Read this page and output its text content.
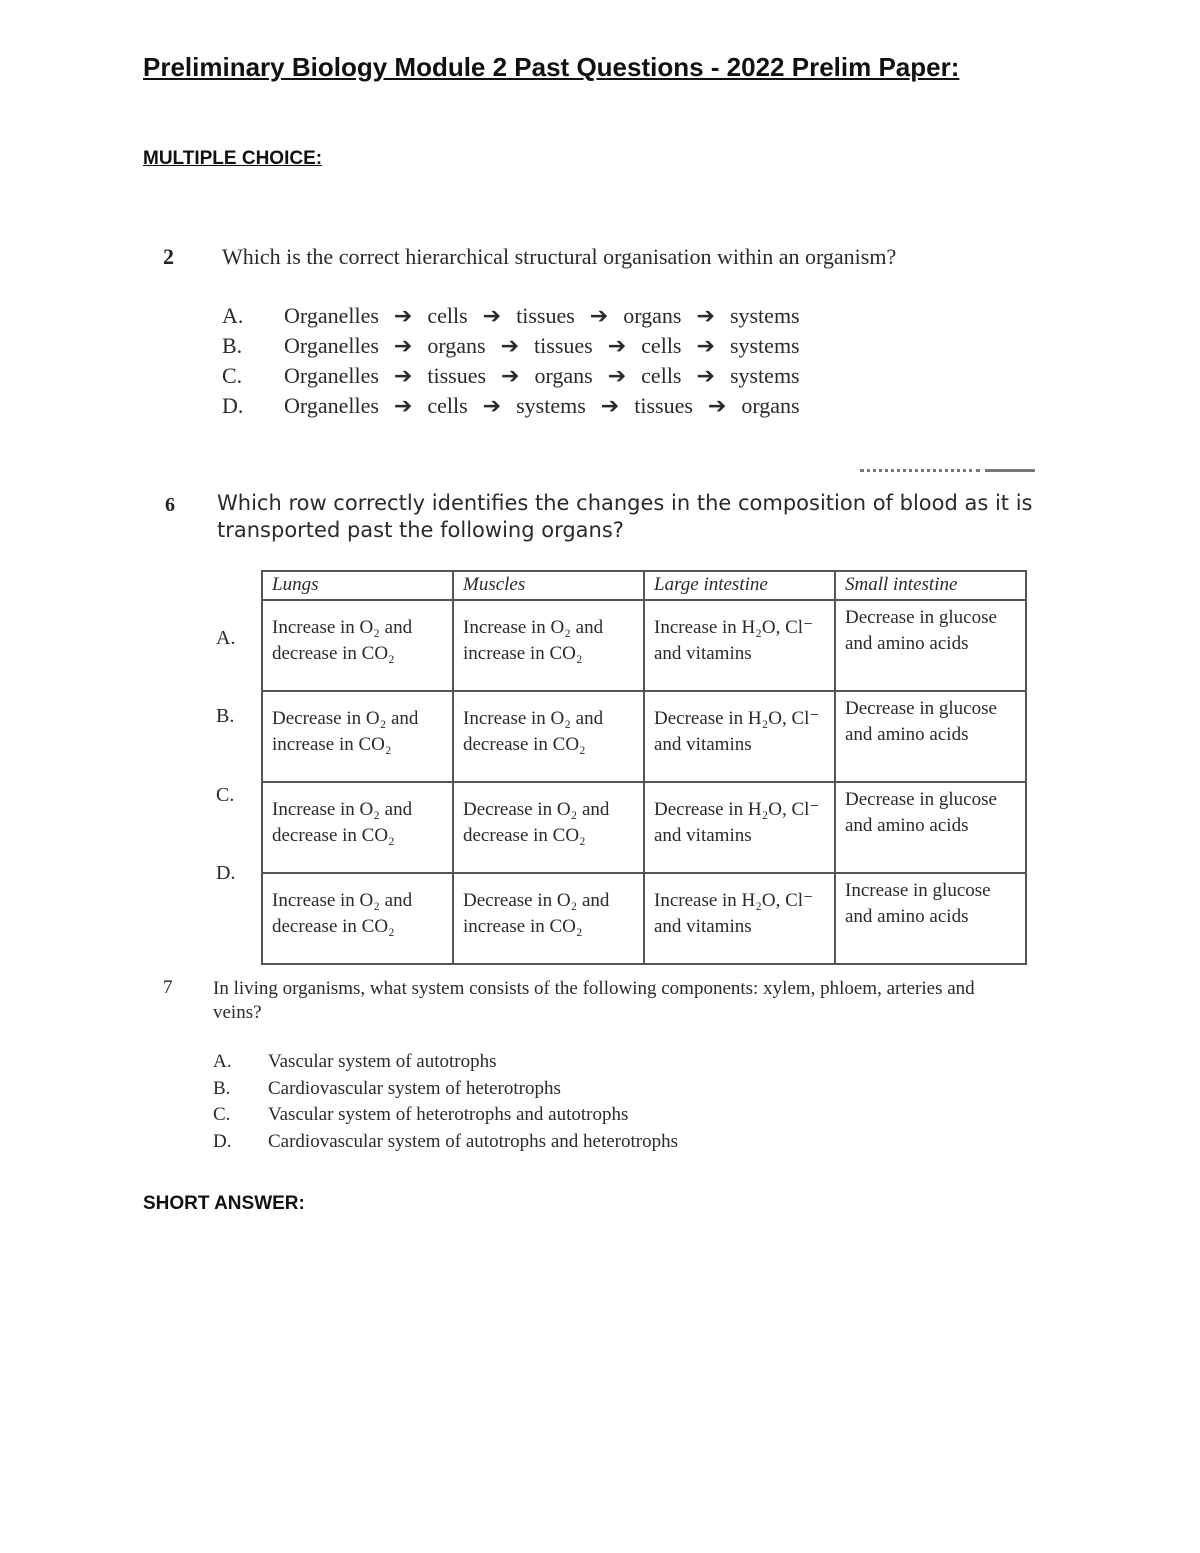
Preliminary Biology Module 2 Past Questions - 2022 Prelim Paper:
MULTIPLE CHOICE:
2 Which is the correct hierarchical structural organisation within an organism?
A.	Organelles ➔ cells ➔ tissues ➔ organs ➔ systems
B.	Organelles ➔ organs ➔ tissues ➔ cells ➔ systems
C.	Organelles ➔ tissues ➔ organs ➔ cells ➔ systems
D.	Organelles ➔ cells ➔ systems ➔ tissues ➔ organs
6 Which row correctly identifies the changes in the composition of blood as it is transported past the following organs?
A.
B.
C.
D.
Lungs	Muscles	Large intestine	Small intestine
Increase in O₂ and decrease in CO₂	Increase in O₂ and increase in CO₂	Increase in H₂O, Cl⁻ and vitamins	Decrease in glucose and amino acids
Decrease in O₂ and increase in CO₂	Increase in O₂ and decrease in CO₂	Decrease in H₂O, Cl⁻ and vitamins	Decrease in glucose and amino acids
Increase in O₂ and decrease in CO₂	Decrease in O₂ and decrease in CO₂	Decrease in H₂O, Cl⁻ and vitamins	Decrease in glucose and amino acids
Increase in O₂ and decrease in CO₂	Decrease in O₂ and increase in CO₂	Increase in H₂O, Cl⁻ and vitamins	Increase in glucose and amino acids
7 In living organisms, what system consists of the following components: xylem, phloem, arteries and veins?
A. Vascular system of autotrophs
B. Cardiovascular system of heterotrophs
C. Vascular system of heterotrophs and autotrophs
D. Cardiovascular system of autotrophs and heterotrophs
SHORT ANSWER:
